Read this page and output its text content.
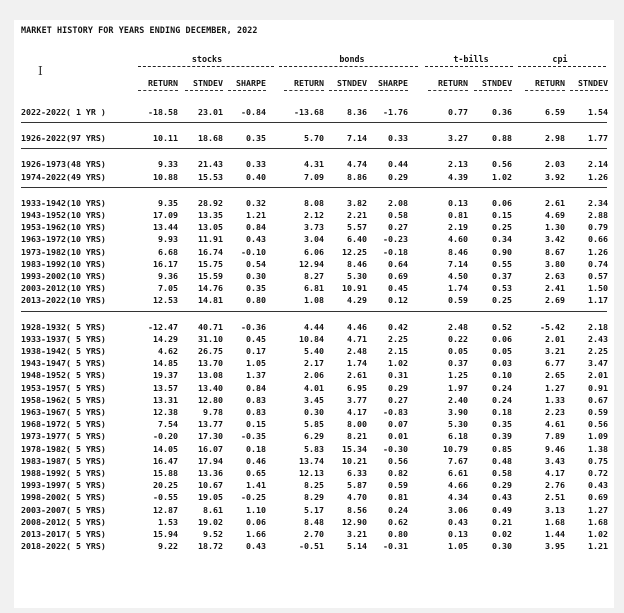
MARKET HISTORY FOR YEARS ENDING DECEMBER, 2022
I
stocks	bonds	t-bills	cpi
RETURN	STNDEV	SHARPE	RETURN	STNDEV	SHARPE	RETURN	STNDEV	RETURN	STNDEV
2022-2022( 1 YR )	-18.58	23.01	-0.84	-13.68	8.36	-1.76	0.77	0.36	6.59	1.54
1926-2022(97 YRS)	10.11	18.68	0.35	5.70	7.14	0.33	3.27	0.88	2.98	1.77
1926-1973(48 YRS)	9.33	21.43	0.33	4.31	4.74	0.44	2.13	0.56	2.03	2.14
1974-2022(49 YRS)	10.88	15.53	0.40	7.09	8.86	0.29	4.39	1.02	3.92	1.26
1933-1942(10 YRS)	9.35	28.92	0.32	8.08	3.82	2.08	0.13	0.06	2.61	2.34
1943-1952(10 YRS)	17.09	13.35	1.21	2.12	2.21	0.58	0.81	0.15	4.69	2.88
1953-1962(10 YRS)	13.44	13.05	0.84	3.73	5.57	0.27	2.19	0.25	1.30	0.79
1963-1972(10 YRS)	9.93	11.91	0.43	3.04	6.40	-0.23	4.60	0.34	3.42	0.66
1973-1982(10 YRS)	6.68	16.74	-0.10	6.06	12.25	-0.18	8.46	0.90	8.67	1.26
1983-1992(10 YRS)	16.17	15.75	0.54	12.94	8.46	0.64	7.14	0.55	3.80	0.74
1993-2002(10 YRS)	9.36	15.59	0.30	8.27	5.30	0.69	4.50	0.37	2.63	0.57
2003-2012(10 YRS)	7.05	14.76	0.35	6.81	10.91	0.45	1.74	0.53	2.41	1.50
2013-2022(10 YRS)	12.53	14.81	0.80	1.08	4.29	0.12	0.59	0.25	2.69	1.17
1928-1932( 5 YRS)	-12.47	40.71	-0.36	4.44	4.46	0.42	2.48	0.52	-5.42	2.18
1933-1937( 5 YRS)	14.29	31.10	0.45	10.84	4.71	2.25	0.22	0.06	2.01	2.43
1938-1942( 5 YRS)	4.62	26.75	0.17	5.40	2.48	2.15	0.05	0.05	3.21	2.25
1943-1947( 5 YRS)	14.85	13.70	1.05	2.17	1.74	1.02	0.37	0.03	6.77	3.47
1948-1952( 5 YRS)	19.37	13.08	1.37	2.06	2.61	0.31	1.25	0.10	2.65	2.01
1953-1957( 5 YRS)	13.57	13.40	0.84	4.01	6.95	0.29	1.97	0.24	1.27	0.91
1958-1962( 5 YRS)	13.31	12.80	0.83	3.45	3.77	0.27	2.40	0.24	1.33	0.67
1963-1967( 5 YRS)	12.38	9.78	0.83	0.30	4.17	-0.83	3.90	0.18	2.23	0.59
1968-1972( 5 YRS)	7.54	13.77	0.15	5.85	8.00	0.07	5.30	0.35	4.61	0.56
1973-1977( 5 YRS)	-0.20	17.30	-0.35	6.29	8.21	0.01	6.18	0.39	7.89	1.09
1978-1982( 5 YRS)	14.05	16.07	0.18	5.83	15.34	-0.30	10.79	0.85	9.46	1.38
1983-1987( 5 YRS)	16.47	17.94	0.46	13.74	10.21	0.56	7.67	0.48	3.43	0.75
1988-1992( 5 YRS)	15.88	13.36	0.65	12.13	6.33	0.82	6.61	0.58	4.17	0.72
1993-1997( 5 YRS)	20.25	10.67	1.41	8.25	5.87	0.59	4.66	0.29	2.76	0.43
1998-2002( 5 YRS)	-0.55	19.05	-0.25	8.29	4.70	0.81	4.34	0.43	2.51	0.69
2003-2007( 5 YRS)	12.87	8.61	1.10	5.17	8.56	0.24	3.06	0.49	3.13	1.27
2008-2012( 5 YRS)	1.53	19.02	0.06	8.48	12.90	0.62	0.43	0.21	1.68	1.68
2013-2017( 5 YRS)	15.94	9.52	1.66	2.70	3.21	0.80	0.13	0.02	1.44	1.02
2018-2022( 5 YRS)	9.22	18.72	0.43	-0.51	5.14	-0.31	1.05	0.30	3.95	1.21
